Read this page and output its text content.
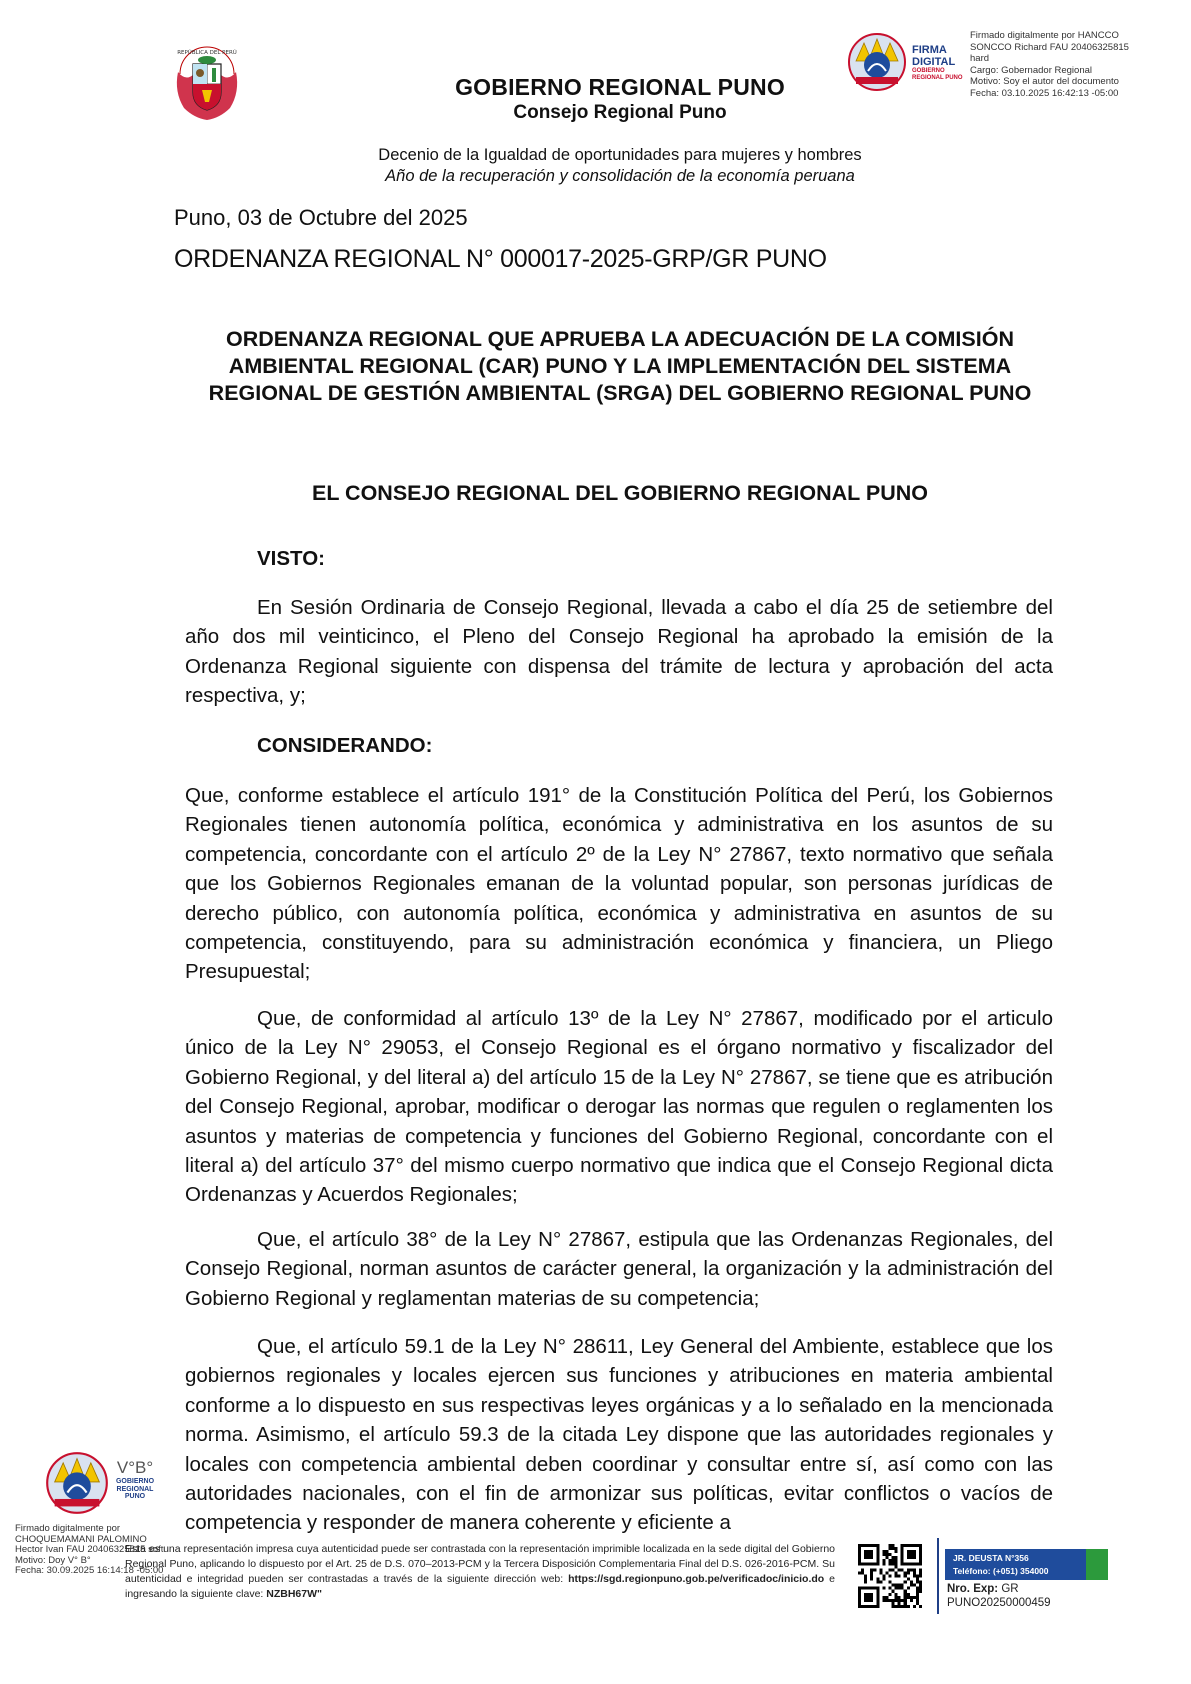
REPÚBLICA DEL PERÚ
GOBIERNO REGIONAL PUNO
Consejo Regional Puno
FIRMA DIGITAL
GOBIERNO REGIONAL PUNO
Firmado digitalmente por HANCCO
SONCCO Richard FAU 20406325815
hard
Cargo: Gobernador Regional
Motivo: Soy el autor del documento
Fecha: 03.10.2025 16:42:13 -05:00
Decenio de la Igualdad de oportunidades para mujeres y hombres
Año de la recuperación y consolidación de la economía peruana
Puno, 03 de Octubre del 2025
ORDENANZA REGIONAL N° 000017-2025-GRP/GR PUNO
ORDENANZA REGIONAL QUE APRUEBA LA ADECUACIÓN DE LA COMISIÓN AMBIENTAL REGIONAL (CAR) PUNO Y LA IMPLEMENTACIÓN DEL SISTEMA REGIONAL DE GESTIÓN AMBIENTAL (SRGA) DEL GOBIERNO REGIONAL PUNO
EL CONSEJO REGIONAL DEL GOBIERNO REGIONAL PUNO
VISTO:
En Sesión Ordinaria de Consejo Regional, llevada a cabo el día 25 de setiembre del año dos mil veinticinco, el Pleno del Consejo Regional ha aprobado la emisión de la Ordenanza Regional siguiente con dispensa del trámite de lectura y aprobación del acta respectiva, y;
CONSIDERANDO:
Que, conforme establece el artículo 191° de la Constitución Política del Perú, los Gobiernos Regionales tienen autonomía política, económica y administrativa en los asuntos de su competencia, concordante con el artículo 2º de la Ley N° 27867, texto normativo que señala que los Gobiernos Regionales emanan de la voluntad popular, son personas jurídicas de derecho público, con autonomía política, económica y administrativa en asuntos de su competencia, constituyendo, para su administración económica y financiera, un Pliego Presupuestal;
Que, de conformidad al artículo 13º de la Ley N° 27867, modificado por el articulo único de la Ley N° 29053, el Consejo Regional es el órgano normativo y fiscalizador del Gobierno Regional, y del literal a) del artículo 15 de la Ley N° 27867, se tiene que es atribución del Consejo Regional, aprobar, modificar o derogar las normas que regulen o reglamenten los asuntos y materias de competencia y funciones del Gobierno Regional, concordante con el literal a) del artículo 37° del mismo cuerpo normativo que indica que el Consejo Regional dicta Ordenanzas y Acuerdos Regionales;
Que, el artículo 38° de la Ley N° 27867, estipula que las Ordenanzas Regionales, del Consejo Regional, norman asuntos de carácter general, la organización y la administración del Gobierno Regional y reglamentan materias de su competencia;
Que, el artículo 59.1 de la Ley N° 28611, Ley General del Ambiente, establece que los gobiernos regionales y locales ejercen sus funciones y atribuciones en materia ambiental conforme a lo dispuesto en sus respectivas leyes orgánicas y a lo señalado en la mencionada norma. Asimismo, el artículo 59.3 de la citada Ley dispone que las autoridades regionales y locales con competencia ambiental deben coordinar y consultar entre sí, así como con las autoridades nacionales, con el fin de armonizar sus políticas, evitar conflictos o vacíos de competencia y responder de manera coherente y eficiente a
V°B°
GOBIERNO REGIONAL PUNO
Firmado digitalmente por
CHOQUEMAMANI PALOMINO
Hector Ivan FAU 20406325815 soft
Motivo: Doy V° B°
Fecha: 30.09.2025 16:14:18 -05:00
Esta es una representación impresa cuya autenticidad puede ser contrastada con la representación imprimible localizada en la sede digital del Gobierno Regional Puno, aplicando lo dispuesto por el Art. 25 de D.S. 070–2013-PCM y la Tercera Disposición Complementaria Final del D.S. 026-2016-PCM. Su autenticidad e integridad pueden ser contrastadas a través de la siguiente dirección web: https://sgd.regionpuno.gob.pe/verificadoc/inicio.do e ingresando la siguiente clave: NZBH67W"
JR. DEUSTA N°356
Teléfono: (+051) 354000
Nro. Exp: GR PUNO20250000459
